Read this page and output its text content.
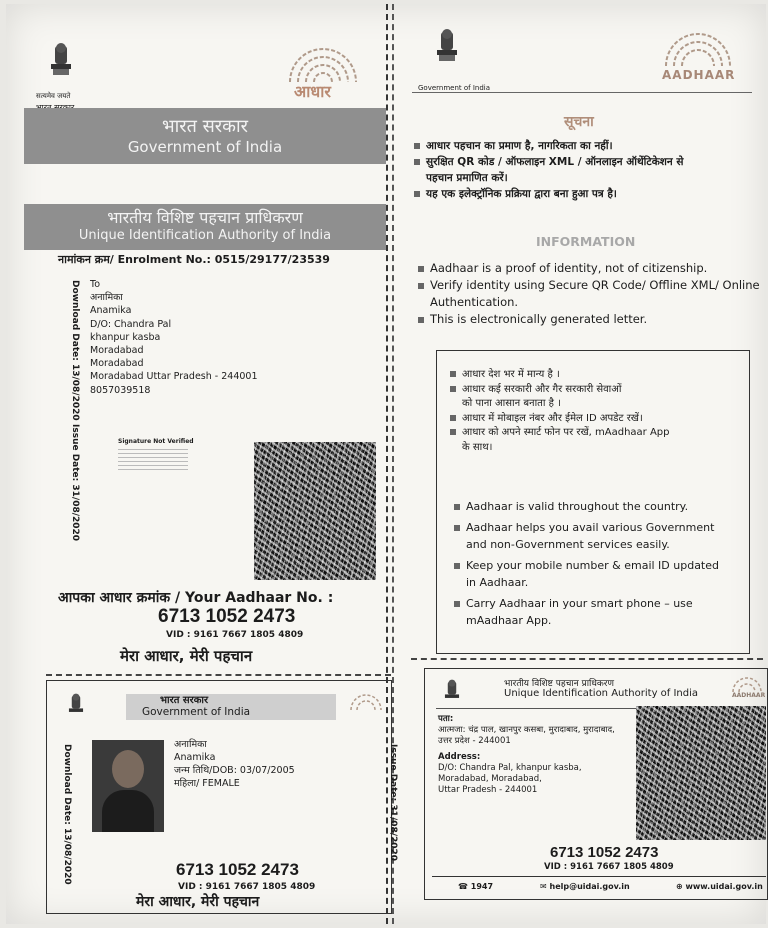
सत्यमेव जयते	आधार
भारत सरकार
Government of India
भारतीय विशिष्ट पहचान प्राधिकरण
Unique Identification Authority of India
नामांकन क्रम/ Enrolment No.: 0515/29177/23539
Download Date: 13/08/2020
Issue Date: 31/08/2020
To
अनामिका
Anamika
D/O: Chandra Pal
khanpur kasba
Moradabad
Moradabad
Moradabad Uttar Pradesh - 244001
8057039518
Signature Not Verified
आपका आधार क्रमांक / Your Aadhaar No. :
6713 1052 2473
VID : 9161 7667 1805 4809
मेरा आधार, मेरी पहचान
Government of India
AADHAAR
सूचना
आधार पहचान का प्रमाण है, नागरिकता का नहीं।
सुरक्षित QR कोड / ऑफलाइन XML / ऑनलाइन ऑथेंटिकेशन से
पहचान प्रमाणित करें।
यह एक इलेक्ट्रॉनिक प्रक्रिया द्वारा बना हुआ पत्र है।
INFORMATION
Aadhaar is a proof of identity, not of citizenship.
Verify identity using Secure QR Code/ Offline XML/ Online
Authentication.
This is electronically generated letter.
आधार देश भर में मान्य है ।
आधार कई सरकारी और गैर सरकारी सेवाओं
को पाना आसान बनाता है ।
आधार में मोबाइल नंबर और ईमेल ID अपडेट रखें।
आधार को अपने स्मार्ट फोन पर रखें, mAadhaar App
के साथ।
Aadhaar is valid throughout the country.
Aadhaar helps you avail various Government
and non-Government services easily.
Keep your mobile number & email ID updated
in Aadhaar.
Carry Aadhaar in your smart phone – use
mAadhaar App.
भारत सरकार
Government of India
Download Date: 13/08/2020	Issue Date: 31/08/2020
अनामिका
Anamika
जन्म तिथि/DOB: 03/07/2005
महिला/ FEMALE
6713 1052 2473
VID : 9161 7667 1805 4809
मेरा आधार, मेरी पहचान
भारतीय विशिष्ट पहचान प्राधिकरण
Unique Identification Authority of India	AADHAAR
पता:
आत्मजा: चंद्र पाल, खानपुर कसबा, मुरादाबाद, मुरादाबाद,
उत्तर प्रदेश - 244001
Address:
D/O: Chandra Pal, khanpur kasba,
Moradabad, Moradabad,
Uttar Pradesh - 244001
6713 1052 2473
VID : 9161 7667 1805 4809
☎ 1947	✉ help@uidai.gov.in	⊕ www.uidai.gov.in
